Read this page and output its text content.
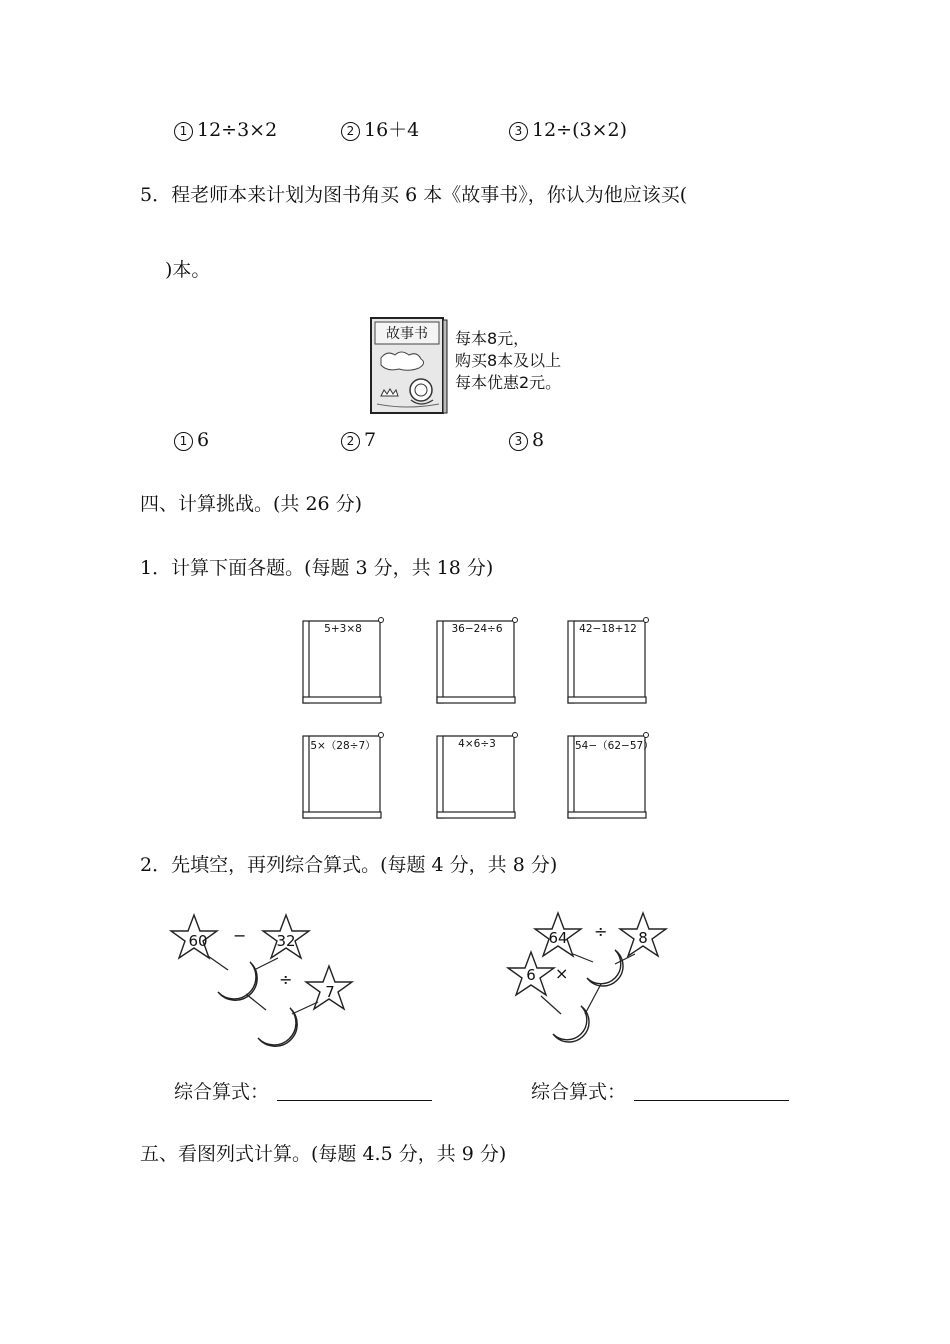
1 12÷3×2	2 16＋4	3 12÷(3×2)
5．程老师本来计划为图书角买 6 本《故事书》，你认为他应该买(
)本。
故事书	每本8元，
购买8本及以上
每本优惠2元。
1 6	2 7	3 8
四、计算挑战。(共 26 分)
1．计算下面各题。(每题 3 分，共 18 分)
5+3×8	36−24÷6	42−18+12
5×（28÷7）	4×6÷3	54−（62−57）
2．先填空，再列综合算式。(每题 4 分，共 8 分)
60 − 32
÷
7
64 ÷	8
×
6
综合算式：	综合算式：
五、看图列式计算。(每题 4.5 分，共 9 分)
